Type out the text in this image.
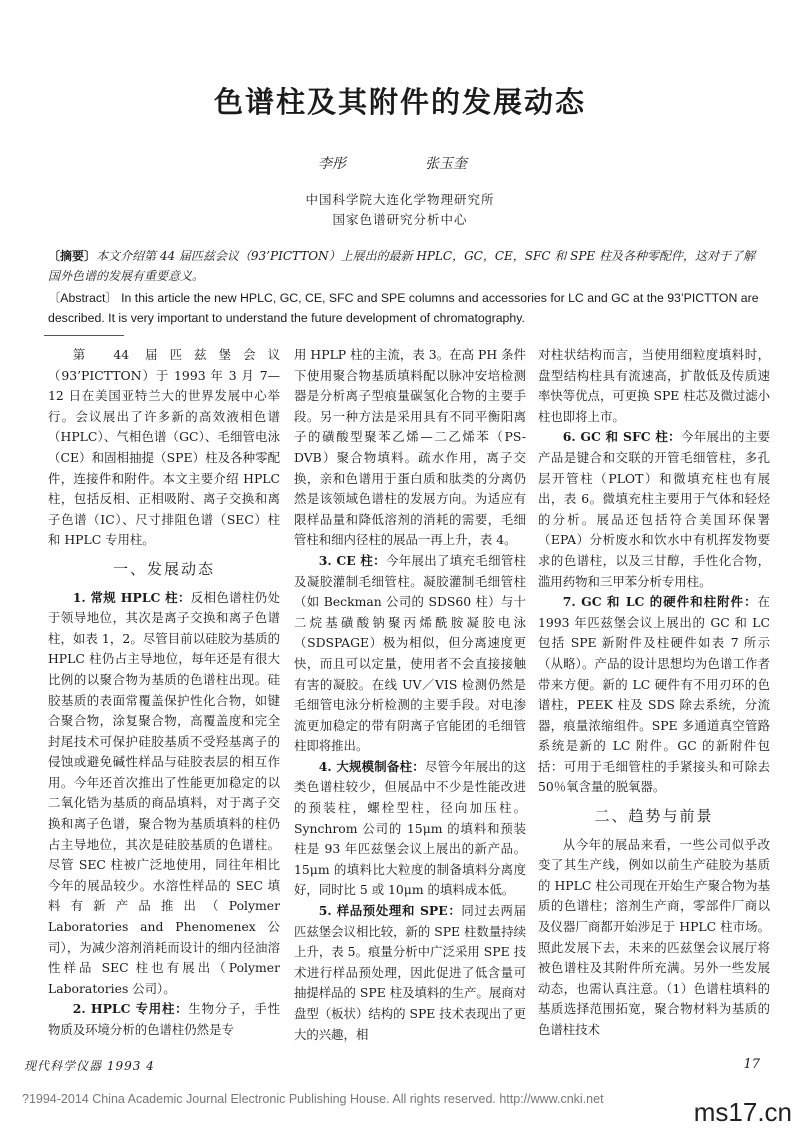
色谱柱及其附件的发展动态
李彤	张玉奎
中国科学院大连化学物理研究所
国家色谱研究分析中心
〔摘要〕本文介绍第 44 届匹兹会议（93’PICTTON）上展出的最新 HPLC，GC，CE，SFC 和 SPE 柱及各种零配件，这对于了解国外色谱的发展有重要意义。
〔Abstract〕 In this article the new HPLC, GC, CE, SFC and SPE columns and accessories for LC and GC at the 93’PICTTON are described. It is very important to understand the future development of chromatography.

第 44 届匹兹堡会议（93’PICTTON）于 1993 年 3 月 7—12 日在美国亚特兰大的世界发展中心举行。会议展出了许多新的高效液相色谱（HPLC）、气相色谱（GC）、毛细管电泳（CE）和固相抽提（SPE）柱及各种零配件，连接件和附件。本文主要介绍 HPLC 柱，包括反相、正相吸附、离子交换和离子色谱（IC）、尺寸排阻色谱（SEC）柱和 HPLC 专用柱。

一、发展动态

1. 常规 HPLC 柱：反相色谱柱仍处于领导地位，其次是离子交换和离子色谱柱，如表 1，2。尽管目前以硅胶为基质的 HPLC 柱仍占主导地位，每年还是有很大比例的以聚合物为基质的色谱柱出现。硅胶基质的表面常覆盖保护性化合物，如键合聚合物，涂复聚合物，高覆盖度和完全封尾技术可保护硅胶基质不受羟基离子的侵蚀或避免碱性样品与硅胶表层的相互作用。今年还首次推出了性能更加稳定的以二氧化锆为基质的商品填料，对于离子交换和离子色谱，聚合物为基质填料的柱仍占主导地位，其次是硅胶基质的色谱柱。尽管 SEC 柱被广泛地使用，同往年相比今年的展品较少。水溶性样品的 SEC 填料有新产品推出（Polymer Laboratories and Phenomenex 公司），为减少溶剂消耗而设计的细内径油溶性样品 SEC 柱也有展出（Polymer Laboratories 公司）。

2. HPLC 专用柱：生物分子，手性物质及环境分析的色谱柱仍然是专

用 HPLP 柱的主流，表 3。在高 PH 条件下使用聚合物基质填料配以脉冲安培检测器是分析离子型痕量碳氢化合物的主要手段。另一种方法是采用具有不同平衡阳离子的磺酸型聚苯乙烯—二乙烯苯（PS-DVB）聚合物填料。疏水作用，离子交换，亲和色谱用于蛋白质和肽类的分离仍然是该领域色谱柱的发展方向。为适应有限样品量和降低溶剂的消耗的需要，毛细管柱和细内径柱的展品一再上升，表 4。

3. CE 柱：今年展出了填充毛细管柱及凝胶灌制毛细管柱。凝胶灌制毛细管柱（如 Beckman 公司的 SDS60 柱）与十二烷基磺酸钠聚丙烯酰胺凝胶电泳（SDSPAGE）极为相似，但分离速度更快，而且可以定量，使用者不会直接接触有害的凝胶。在线 UV／VIS 检测仍然是毛细管电泳分析检测的主要手段。对电渗流更加稳定的带有阴离子官能团的毛细管柱即将推出。

4. 大规模制备柱：尽管今年展出的这类色谱柱较少，但展品中不少是性能改进的预装柱，螺栓型柱，径向加压柱。Synchrom 公司的 15μm 的填料和预装柱是 93 年匹兹堡会议上展出的新产品。15μm 的填料比大粒度的制备填料分离度好，同时比 5 或 10μm 的填料成本低。

5. 样品预处理和 SPE：同过去两届匹兹堡会议相比较，新的 SPE 柱数量持续上升，表 5。痕量分析中广泛采用 SPE 技术进行样品预处理，因此促进了低含量可抽提样品的 SPE 柱及填料的生产。展商对盘型（板状）结构的 SPE 技术表现出了更大的兴趣，相

对柱状结构而言，当使用细粒度填料时，盘型结构柱具有流速高，扩散低及传质速率快等优点，可更换 SPE 柱芯及微过滤小柱也即将上市。

6. GC 和 SFC 柱：今年展出的主要产品是键合和交联的开管毛细管柱，多孔层开管柱（PLOT）和微填充柱也有展出，表 6。微填充柱主要用于气体和轻烃的分析。展品还包括符合美国环保署（EPA）分析废水和饮水中有机挥发物要求的色谱柱，以及三甘醇，手性化合物，滥用药物和三甲苯分析专用柱。

7. GC 和 LC 的硬件和柱附件：在 1993 年匹兹堡会议上展出的 GC 和 LC 包括 SPE 新附件及柱硬件如表 7 所示（从略）。产品的设计思想均为色谱工作者带来方便。新的 LC 硬件有不用刃环的色谱柱，PEEK 柱及 SDS 除去系统，分流器，痕量浓缩组件。SPE 多通道真空管路系统是新的 LC 附件。GC 的新附件包括：可用于毛细管柱的手紧接头和可除去 50％氧含量的脱氧器。

二、趋势与前景

从今年的展品来看，一些公司似乎改变了其生产线，例如以前生产硅胶为基质的 HPLC 柱公司现在开始生产聚合物为基质的色谱柱；溶剂生产商，零部件厂商以及仪器厂商都开始涉足于 HPLC 柱市场。照此发展下去，未来的匹兹堡会议展厅将被色谱柱及其附件所充满。另外一些发展动态，也需认真注意。（1）色谱柱填料的基质选择范围拓宽，聚合物材料为基质的色谱柱技术

现代科学仪器 1993 4	17
?1994-2014 China Academic Journal Electronic Publishing House. All rights reserved. http://www.cnki.net	ms17.cn
